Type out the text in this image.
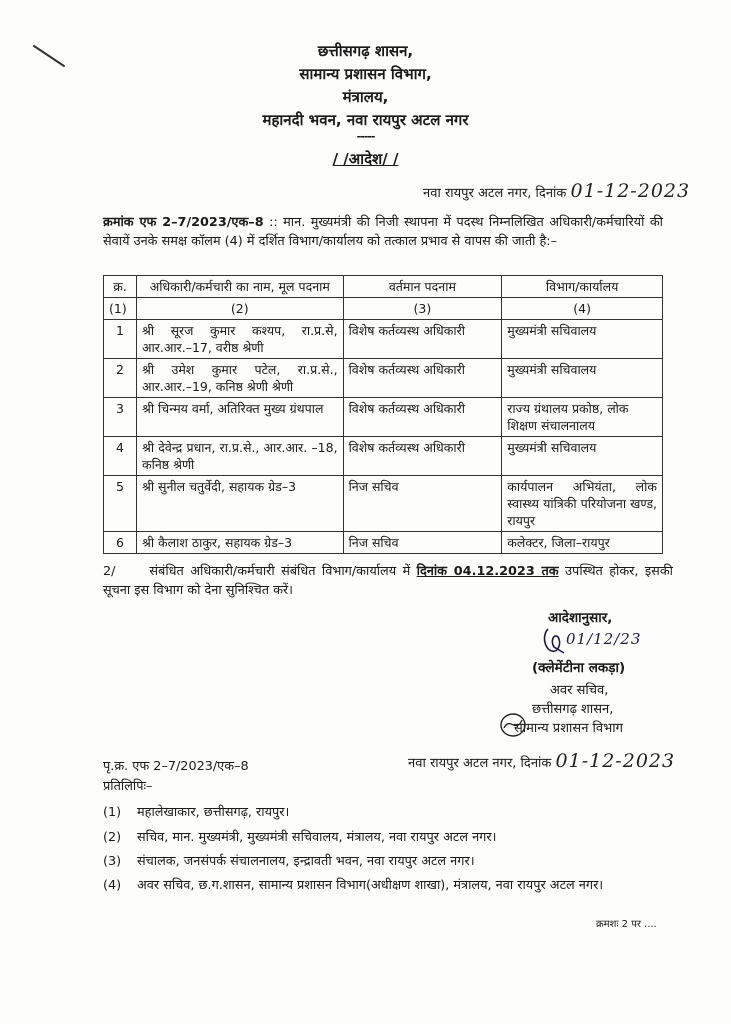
छत्तीसगढ़ शासन,
सामान्य प्रशासन विभाग,
मंत्रालय,
महानदी भवन, नवा रायपुर अटल नगर
-----
/ /आदेश/ /
नवा रायपुर अटल नगर, दिनांक 01-12-2023
क्रमांक एफ 2–7/2023/एक–8 :: मान. मुख्यमंत्री की निजी स्थापना में पदस्थ निम्नलिखित अधिकारी/कर्मचारियों की सेवायें उनके समक्ष कॉलम (4) में दर्शित विभाग/कार्यालय को तत्काल प्रभाव से वापस की जाती है:–
क्र.	अधिकारी/कर्मचारी का नाम, मूल पदनाम	वर्तमान पदनाम	विभाग/कार्यालय
(1)	(2)	(3)	(4)
1	श्री सूरज कुमार कश्यप, रा.प्र.से, आर.आर.–17, वरीष्ठ श्रेणी	विशेष कर्तव्यस्थ अधिकारी	मुख्यमंत्री सचिवालय
2	श्री उमेश कुमार पटेल, रा.प्र.से., आर.आर.–19, कनिष्ठ श्रेणी श्रेणी	विशेष कर्तव्यस्थ अधिकारी	मुख्यमंत्री सचिवालय
3	श्री चिन्मय वर्मा, अतिरिक्त मुख्य ग्रंथपाल	विशेष कर्तव्यस्थ अधिकारी	राज्य ग्रंथालय प्रकोष्ठ, लोक शिक्षण संचालनालय
4	श्री देवेन्द्र प्रधान, रा.प्र.से., आर.आर. –18, कनिष्ठ श्रेणी	विशेष कर्तव्यस्थ अधिकारी	मुख्यमंत्री सचिवालय
5	श्री सुनील चतुर्वेदी, सहायक ग्रेड–3	निज सचिव	कार्यपालन अभियंता, लोक स्वास्थ्य यांत्रिकी परियोजना खण्ड, रायपुर
6	श्री कैलाश ठाकुर, सहायक ग्रेड–3	निज सचिव	कलेक्टर, जिला–रायपुर
2/	संबंधित अधिकारी/कर्मचारी संबंधित विभाग/कार्यालय में दिनांक 04.12.2023 तक उपस्थित होकर, इसकी सूचना इस विभाग को देना सुनिश्चित करें।
आदेशानुसार,
01/12/23
(क्लेमेंटीना लकड़ा)
अवर सचिव,
छत्तीसगढ़ शासन,
सामान्य प्रशासन विभाग
पृ.क्र. एफ 2–7/2023/एक–8	नवा रायपुर अटल नगर, दिनांक 01-12-2023
प्रतिलिपिः–
(1) महालेखाकार, छत्तीसगढ़, रायपुर।
(2) सचिव, मान. मुख्यमंत्री, मुख्यमंत्री सचिवालय, मंत्रालय, नवा रायपुर अटल नगर।
(3) संचालक, जनसंपर्क संचालनालय, इन्द्रावती भवन, नवा रायपुर अटल नगर।
(4) अवर सचिव, छ.ग.शासन, सामान्य प्रशासन विभाग(अधीक्षण शाखा), मंत्रालय, नवा रायपुर अटल नगर।
क्रमशः 2 पर ....
